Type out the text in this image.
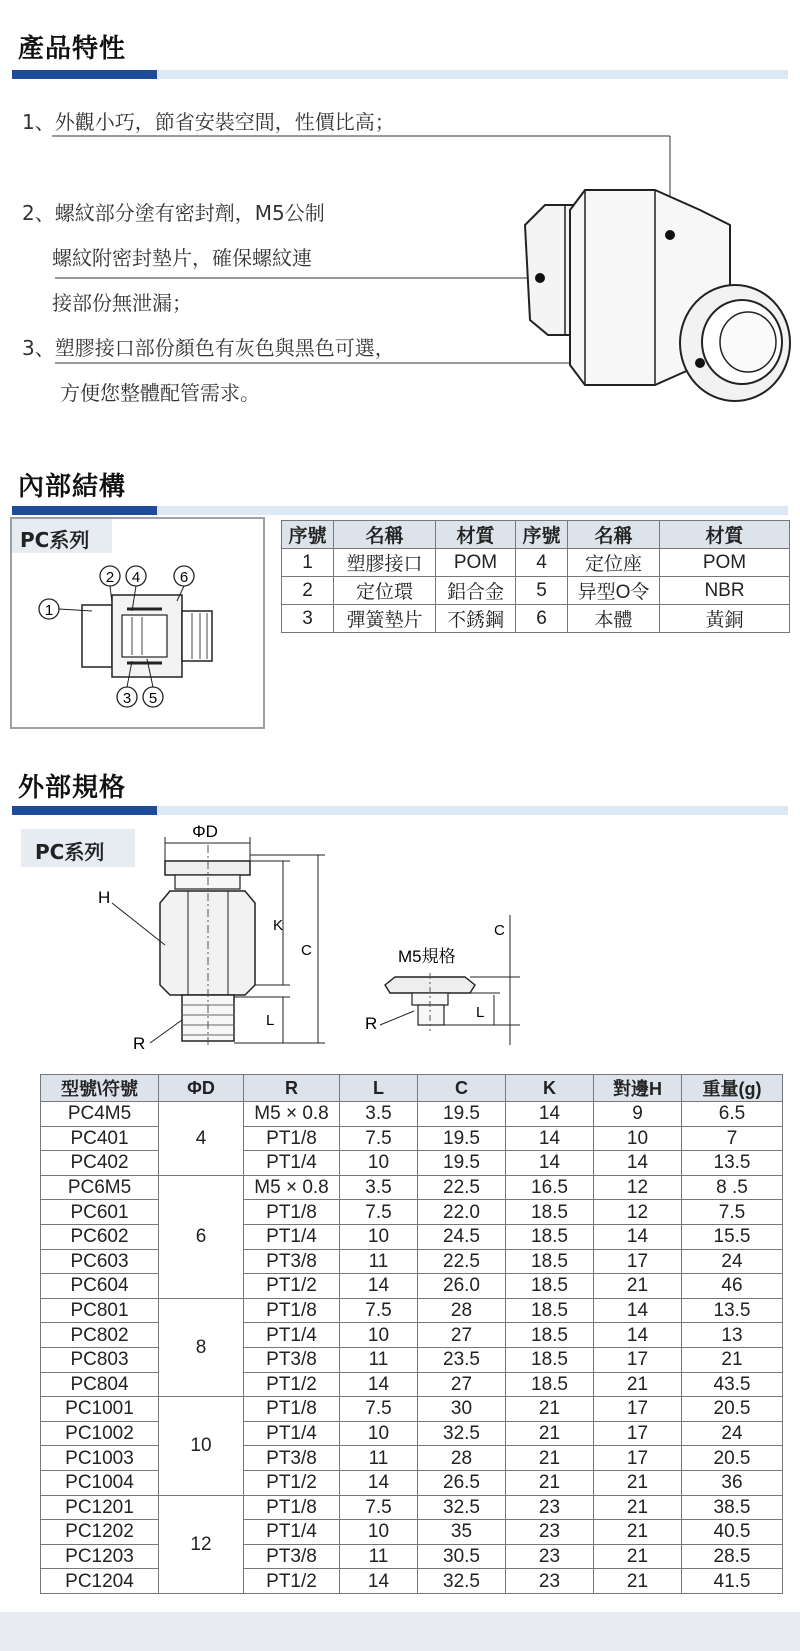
產品特性
1、外觀小巧，節省安裝空間，性價比高；
2、螺紋部分塗有密封劑，M5公制
螺紋附密封墊片，確保螺紋連
接部份無泄漏；
3、塑膠接口部份顏色有灰色與黑色可選，
方便您整體配管需求。
內部結構
PC系列
1
2 4	6
3 5
序號	名稱	材質	序號	名稱	材質
1	塑膠接口	POM	4	定位座	POM
2	定位環	鋁合金	5	异型O令	NBR
3	彈簧墊片	不銹鋼	6	本體	黃銅
外部規格
PC系列
ΦD
H
K
C
L
R
M5規格
C
L
R
型號\符號	ΦD	R	L	C	K	對邊H	重量(g)
PC4M5	4	M5 × 0.8	3.5	19.5	14	9	6.5
PC401		PT1/8	7.5	19.5	14	10	7
PC402		PT1/4	10	19.5	14	14	13.5
PC6M5	6	M5 × 0.8	3.5	22.5	16.5	12	8 .5
PC601		PT1/8	7.5	22.0	18.5	12	7.5
PC602		PT1/4	10	24.5	18.5	14	15.5
PC603		PT3/8	11	22.5	18.5	17	24
PC604		PT1/2	14	26.0	18.5	21	46
PC801	8	PT1/8	7.5	28	18.5	14	13.5
PC802		PT1/4	10	27	18.5	14	13
PC803		PT3/8	11	23.5	18.5	17	21
PC804		PT1/2	14	27	18.5	21	43.5
PC1001	10	PT1/8	7.5	30	21	17	20.5
PC1002		PT1/4	10	32.5	21	17	24
PC1003		PT3/8	11	28	21	17	20.5
PC1004		PT1/2	14	26.5	21	21	36
PC1201	12	PT1/8	7.5	32.5	23	21	38.5
PC1202		PT1/4	10	35	23	21	40.5
PC1203		PT3/8	11	30.5	23	21	28.5
PC1204		PT1/2	14	32.5	23	21	41.5
